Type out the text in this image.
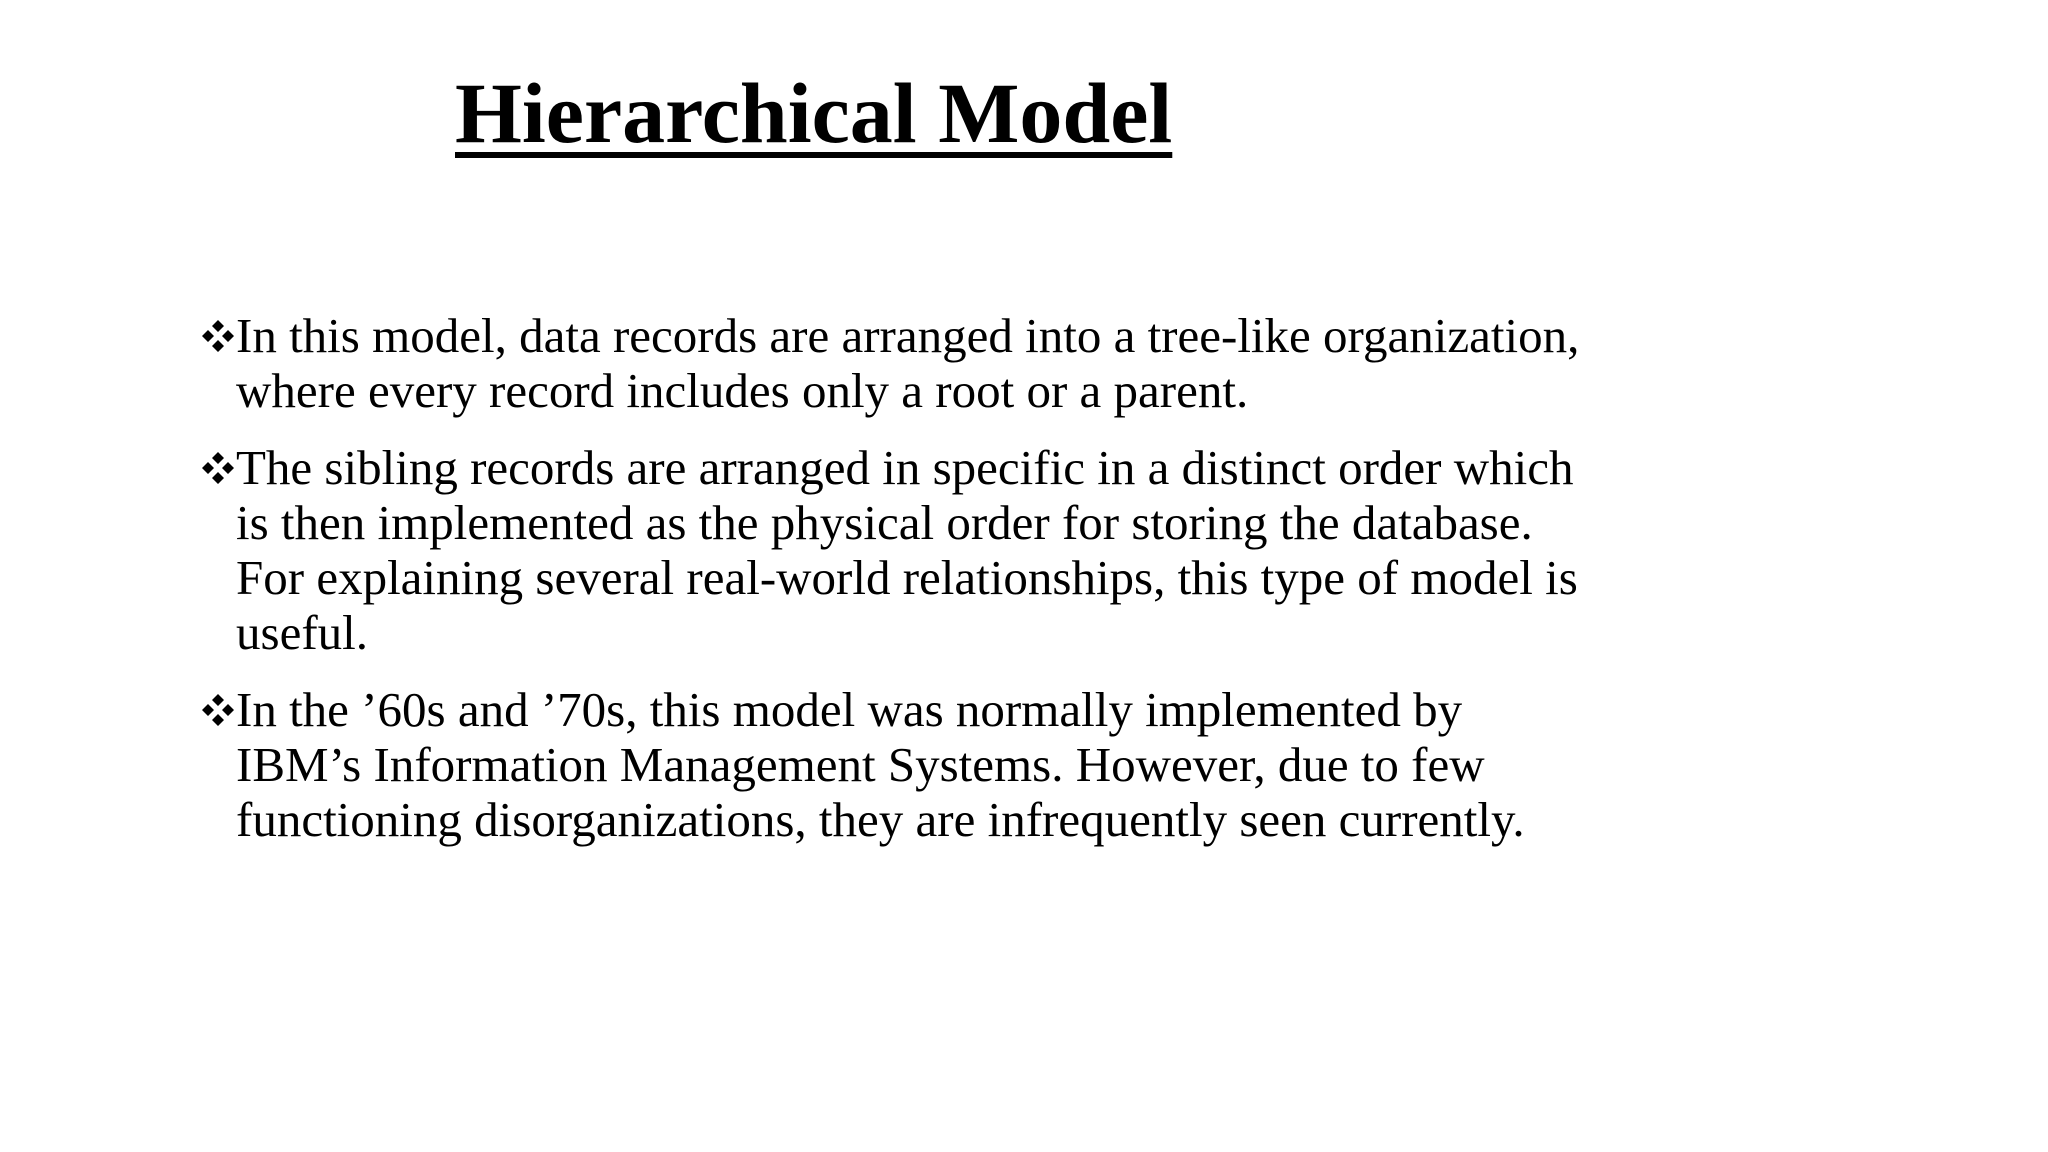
Hierarchical Model
In this model, data records are arranged into a tree-like organization,
where every record includes only a root or a parent.
The sibling records are arranged in specific in a distinct order which
is then implemented as the physical order for storing the database.
For explaining several real-world relationships, this type of model is
useful.
In the ’60s and ’70s, this model was normally implemented by
IBM’s Information Management Systems. However, due to few
functioning disorganizations, they are infrequently seen currently.
